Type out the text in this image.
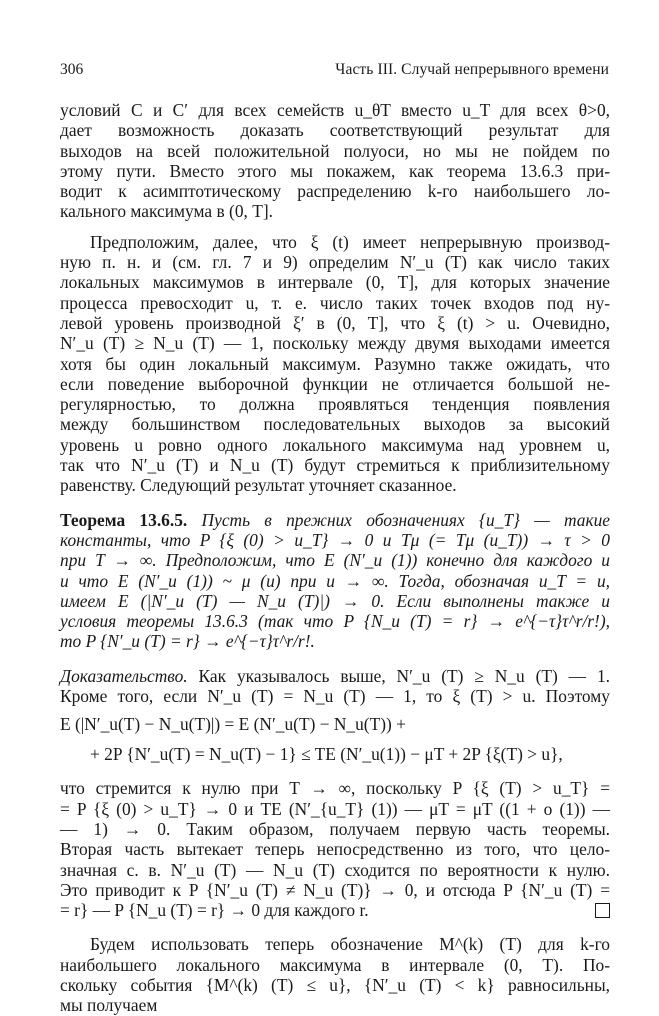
306	Часть III. Случай непрерывного времени

условий C и C′ для всех семейств u_θT вместо u_T для всех θ>0,
дает возможность доказать соответствующий результат для
выходов на всей положительной полуоси, но мы не пойдем по
этому пути. Вместо этого мы покажем, как теорема 13.6.3 при-
водит к асимптотическому распределению k-го наибольшего ло-
кального максимума в (0, T].

Предположим, далее, что ξ (t) имеет непрерывную производ-
ную п. н. и (см. гл. 7 и 9) определим N′_u (T) как число таких
локальных максимумов в интервале (0, T], для которых значение
процесса превосходит u, т. е. число таких точек входов под ну-
левой уровень производной ξ′ в (0, T], что ξ (t) > u. Очевидно,
N′_u (T) ≥ N_u (T) — 1, поскольку между двумя выходами имеется
хотя бы один локальный максимум. Разумно также ожидать, что
если поведение выборочной функции не отличается большой не-
регулярностью, то должна проявляться тенденция появления
между большинством последовательных выходов за высокий
уровень u ровно одного локального максимума над уровнем u,
так что N′_u (T) и N_u (T) будут стремиться к приблизительному
равенству. Следующий результат уточняет сказанное.

Теорема 13.6.5. Пусть в прежних обозначениях {u_T} — такие
константы, что P {ξ (0) > u_T} → 0 и Tμ (= Tμ (u_T)) → τ > 0
при T → ∞. Предположим, что E (N′_u (1)) конечно для каждого u
и что E (N′_u (1)) ~ μ (u) при u → ∞. Тогда, обозначая u_T = u,
имеем E (|N′_u (T) — N_u (T)|) → 0. Если выполнены также и
условия теоремы 13.6.3 (так что P {N_u (T) = r} → e^{−τ}τ^r/r!),
то P {N′_u (T) = r} → e^{−τ}τ^r/r!.

Доказательство. Как указывалось выше, N′_u (T) ≥ N_u (T) — 1.
Кроме того, если N′_u (T) = N_u (T) — 1, то ξ (T) > u. Поэтому

E (|N′_u(T) − N_u(T)|) = E (N′_u(T) − N_u(T)) +
+ 2P {N′_u(T) = N_u(T) − 1} ≤ TE (N′_u(1)) − μT + 2P {ξ(T) > u},

что стремится к нулю при T → ∞, поскольку P {ξ (T) > u_T} =
= P {ξ (0) > u_T} → 0 и TE (N′_{u_T} (1)) — μT = μT ((1 + o (1)) —
— 1) → 0. Таким образом, получаем первую часть теоремы.
Вторая часть вытекает теперь непосредственно из того, что цело-
значная с. в. N′_u (T) — N_u (T) сходится по вероятности к нулю.
Это приводит к P {N′_u (T) ≠ N_u (T)} → 0, и отсюда P {N′_u (T) =
= r} — P {N_u (T) = r} → 0 для каждого r.

Будем использовать теперь обозначение M^(k) (T) для k-го
наибольшего локального максимума в интервале (0, T). По-
скольку события {M^(k) (T) ≤ u}, {N′_u (T) < k} равносильны,
мы получаем
